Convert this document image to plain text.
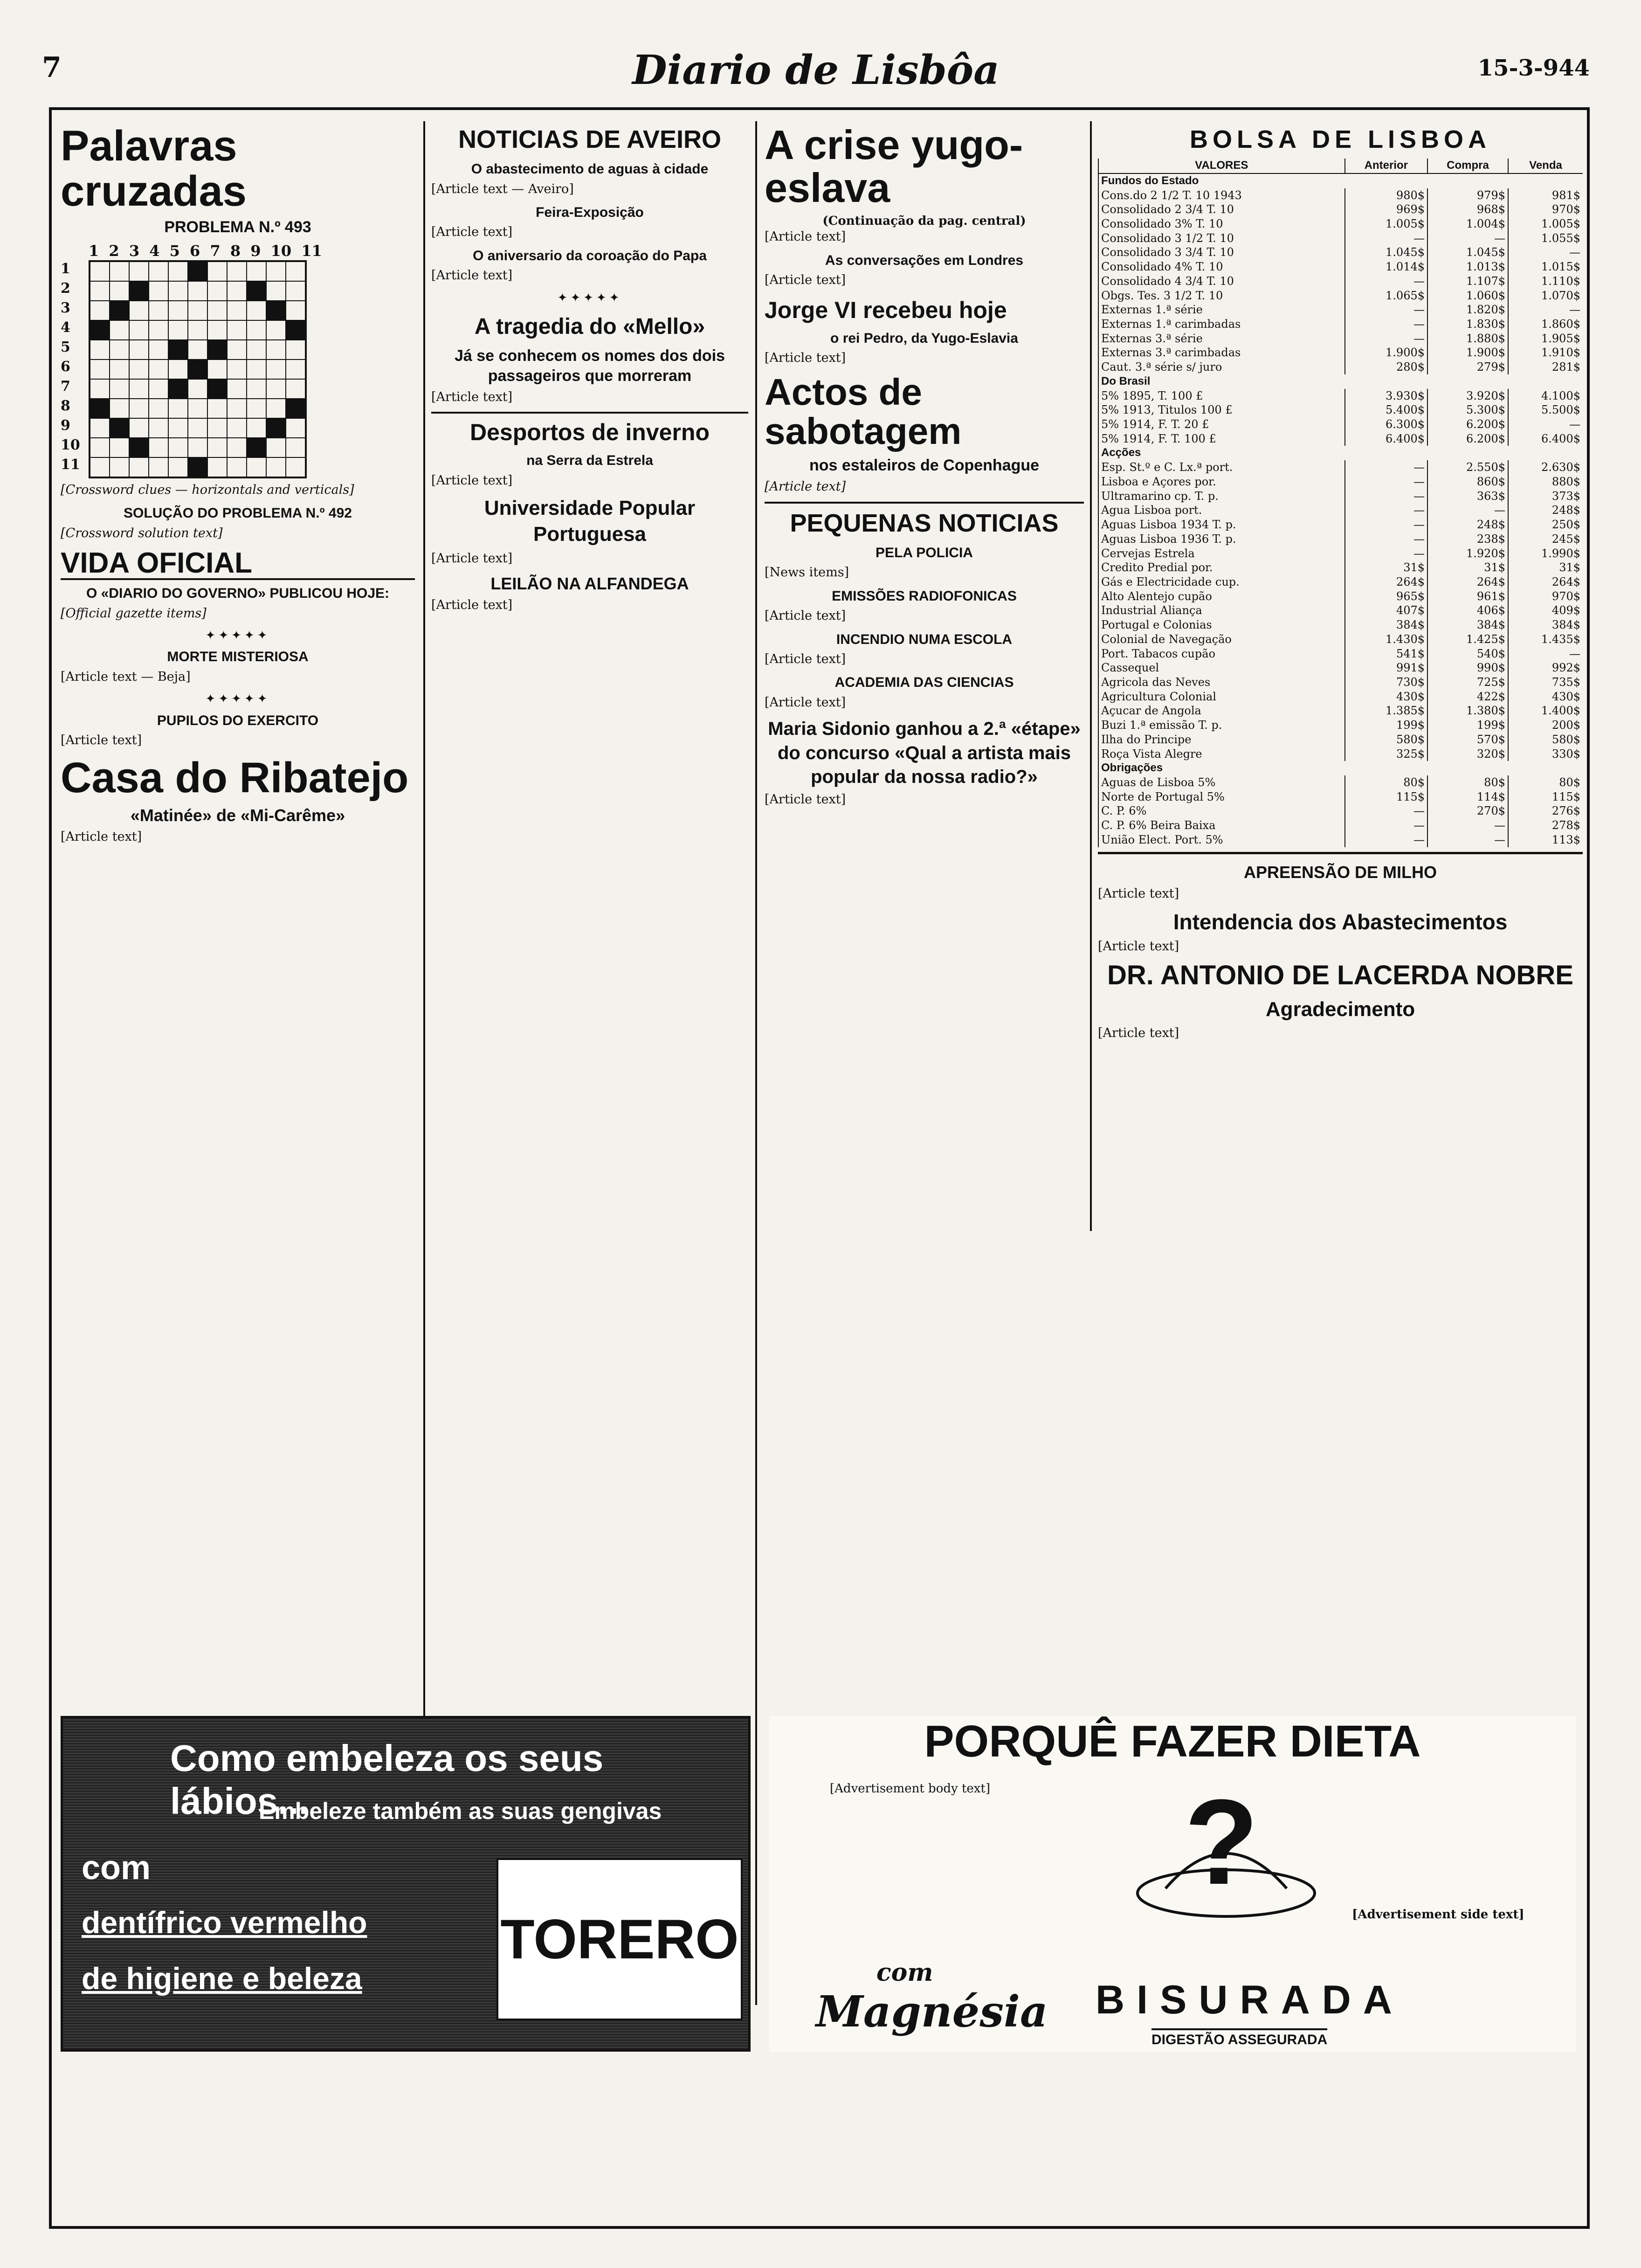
7	Diario de Lisbôa	15-3-944
Palavras cruzadas
PROBLEMA N.º 493
1
2
3
4
5
6
7
8
9
10
11
1 2 3 4 5 6 7 8 9 10 11

[Crossword clues — horizontals and verticals]

SOLUÇÃO DO PROBLEMA N.º 492

[Crossword solution text]

VIDA OFICIAL
O «DIARIO DO GOVERNO» PUBLICOU HOJE:

[Official gazette items]

✦✦✦✦✦
MORTE MISTERIOSA

[Article text — Beja]

✦✦✦✦✦
PUPILOS DO EXERCITO

[Article text]

Casa do Ribatejo
«Matinée» de «Mi-Carême»

[Article text]

NOTICIAS DE AVEIRO
O abastecimento de aguas à cidade

[Article text — Aveiro]

Feira-Exposição

[Article text]

O aniversario da coroação do Papa

[Article text]

✦✦✦✦✦
A tragedia do «Mello»
Já se conhecem os nomes dos dois passageiros que morreram

[Article text]

Desportos de inverno
na Serra da Estrela

[Article text]

Universidade Popular Portuguesa

[Article text]

LEILÃO NA ALFANDEGA

[Article text]

A crise yugo-eslava
(Continuação da pag. central)

[Article text]

As conversações em Londres

[Article text]

Jorge VI recebeu hoje
o rei Pedro, da Yugo-Eslavia

[Article text]

Actos de sabotagem
nos estaleiros de Copenhague

[Article text]

PEQUENAS NOTICIAS
PELA POLICIA

[News items]

EMISSÕES RADIOFONICAS

[Article text]

INCENDIO NUMA ESCOLA

[Article text]

ACADEMIA DAS CIENCIAS

[Article text]

Maria Sidonio ganhou a 2.ª «étape» do concurso «Qual a artista mais popular da nossa radio?»

[Article text]

BOLSA DE LISBOA
VALORES	Anterior	Compra	Venda
Fundos do Estado			
Cons.do 2 1/2 T. 10 1943	980$	979$	981$
Consolidado 2 3/4 T. 10	969$	968$	970$
Consolidado 3% T. 10	1.005$	1.004$	1.005$
Consolidado 3 1/2 T. 10	—	—	1.055$
Consolidado 3 3/4 T. 10	1.045$	1.045$	—
Consolidado 4% T. 10	1.014$	1.013$	1.015$
Consolidado 4 3/4 T. 10	—	1.107$	1.110$
Obgs. Tes. 3 1/2 T. 10	1.065$	1.060$	1.070$
Externas 1.ª série	—	1.820$	—
Externas 1.ª carimbadas	—	1.830$	1.860$
Externas 3.ª série	—	1.880$	1.905$
Externas 3.ª carimbadas	1.900$	1.900$	1.910$
Caut. 3.ª série s/ juro	280$	279$	281$
Do Brasil			
5% 1895, T. 100 £	3.930$	3.920$	4.100$
5% 1913, Titulos 100 £	5.400$	5.300$	5.500$
5% 1914, F. T. 20 £	6.300$	6.200$	—
5% 1914, F. T. 100 £	6.400$	6.200$	6.400$
Acções			
Esp. St.º e C. Lx.ª port.	—	2.550$	2.630$
Lisboa e Açores por.	—	860$	880$
Ultramarino cp. T. p.	—	363$	373$
Agua Lisboa port.	—	—	248$
Aguas Lisboa 1934 T. p.	—	248$	250$
Aguas Lisboa 1936 T. p.	—	238$	245$
Cervejas Estrela	—	1.920$	1.990$
Credito Predial por.	31$	31$	31$
Gás e Electricidade cup.	264$	264$	264$
Alto Alentejo cupão	965$	961$	970$
Industrial Aliança	407$	406$	409$
Portugal e Colonias	384$	384$	384$
Colonial de Navegação	1.430$	1.425$	1.435$
Port. Tabacos cupão	541$	540$	—
Cassequel	991$	990$	992$
Agricola das Neves	730$	725$	735$
Agricultura Colonial	430$	422$	430$
Açucar de Angola	1.385$	1.380$	1.400$
Buzi 1.ª emissão T. p.	199$	199$	200$
Ilha do Principe	580$	570$	580$
Roça Vista Alegre	325$	320$	330$
Obrigações			
Aguas de Lisboa 5%	80$	80$	80$
Norte de Portugal 5%	115$	114$	115$
C. P. 6%	—	270$	276$
C. P. 6% Beira Baixa	—	—	278$
União Elect. Port. 5%	—	—	113$
APREENSÃO DE MILHO

[Article text]

Intendencia dos Abastecimentos

[Article text]

DR. ANTONIO DE LACERDA NOBRE
Agradecimento

[Article text]

Como embeleza os seus lábios...
Embeleze também as suas gengivas
com
dentífrico vermelho
de higiene e beleza
TORERO
PORQUÊ FAZER DIETA
[Advertisement body text]	?
[Advertisement side text]
com
Magnésia BISURADA
DIGESTÃO ASSEGURADA
